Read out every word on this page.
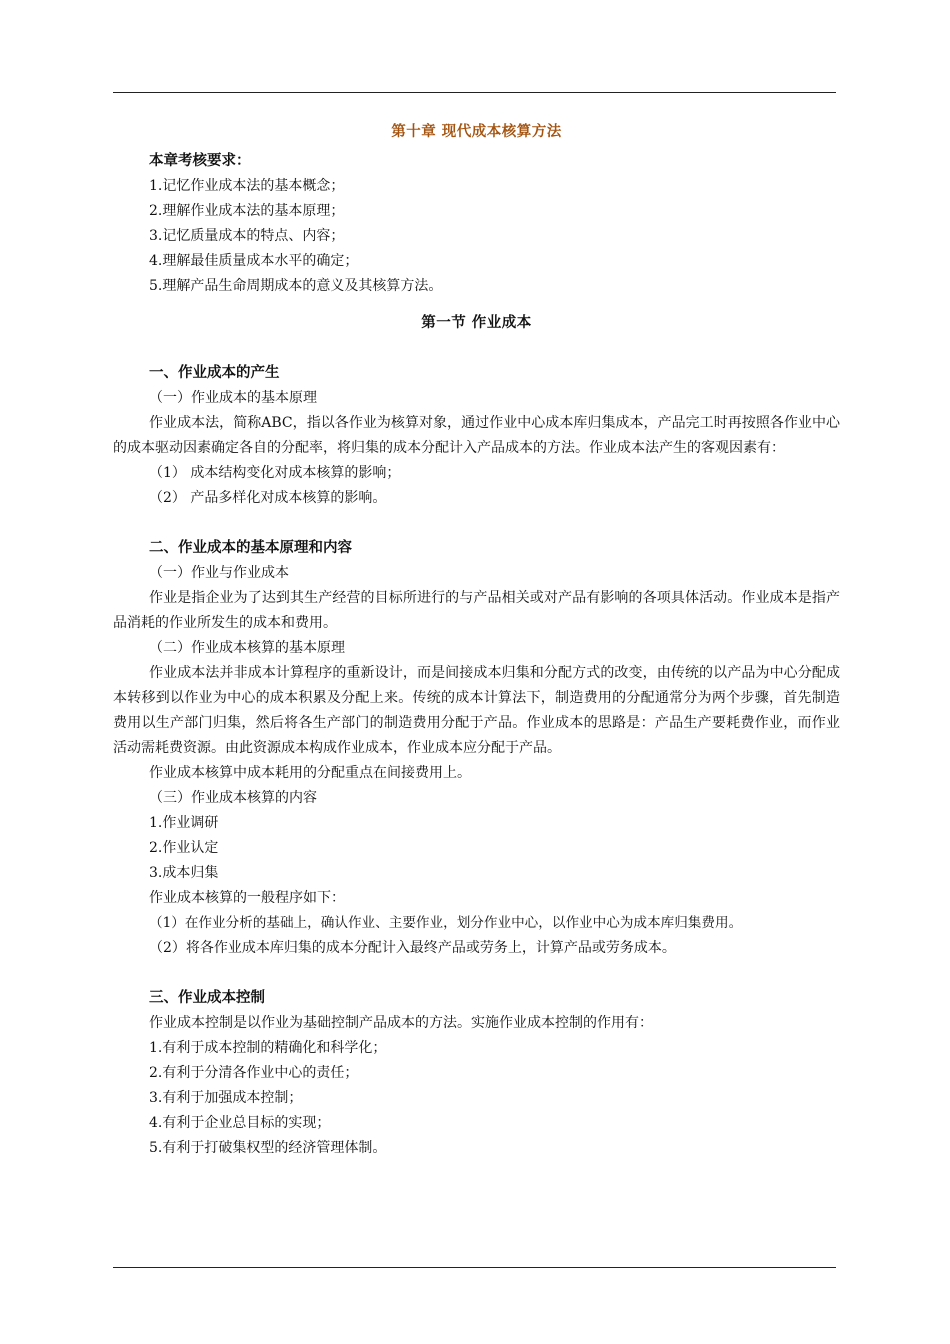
第十章 现代成本核算方法

本章考核要求：

1.记忆作业成本法的基本概念；

2.理解作业成本法的基本原理；

3.记忆质量成本的特点、内容；

4.理解最佳质量成本水平的确定；

5.理解产品生命周期成本的意义及其核算方法。

第一节 作业成本

一、作业成本的产生

（一）作业成本的基本原理

作业成本法，简称ABC，指以各作业为核算对象，通过作业中心成本库归集成本，产品完工时再按照各作业中心的成本驱动因素确定各自的分配率，将归集的成本分配计入产品成本的方法。作业成本法产生的客观因素有：

（1） 成本结构变化对成本核算的影响；

（2） 产品多样化对成本核算的影响。

二、作业成本的基本原理和内容

（一）作业与作业成本

作业是指企业为了达到其生产经营的目标所进行的与产品相关或对产品有影响的各项具体活动。作业成本是指产品消耗的作业所发生的成本和费用。

（二）作业成本核算的基本原理

作业成本法并非成本计算程序的重新设计，而是间接成本归集和分配方式的改变，由传统的以产品为中心分配成本转移到以作业为中心的成本积累及分配上来。传统的成本计算法下，制造费用的分配通常分为两个步骤，首先制造费用以生产部门归集，然后将各生产部门的制造费用分配于产品。作业成本的思路是：产品生产要耗费作业，而作业活动需耗费资源。由此资源成本构成作业成本，作业成本应分配于产品。

作业成本核算中成本耗用的分配重点在间接费用上。

（三）作业成本核算的内容

1.作业调研

2.作业认定

3.成本归集

作业成本核算的一般程序如下：

（1）在作业分析的基础上，确认作业、主要作业，划分作业中心，以作业中心为成本库归集费用。

（2）将各作业成本库归集的成本分配计入最终产品或劳务上，计算产品或劳务成本。

三、作业成本控制

作业成本控制是以作业为基础控制产品成本的方法。实施作业成本控制的作用有：

1.有利于成本控制的精确化和科学化；

2.有利于分清各作业中心的责任；

3.有利于加强成本控制；

4.有利于企业总目标的实现；

5.有利于打破集权型的经济管理体制。
